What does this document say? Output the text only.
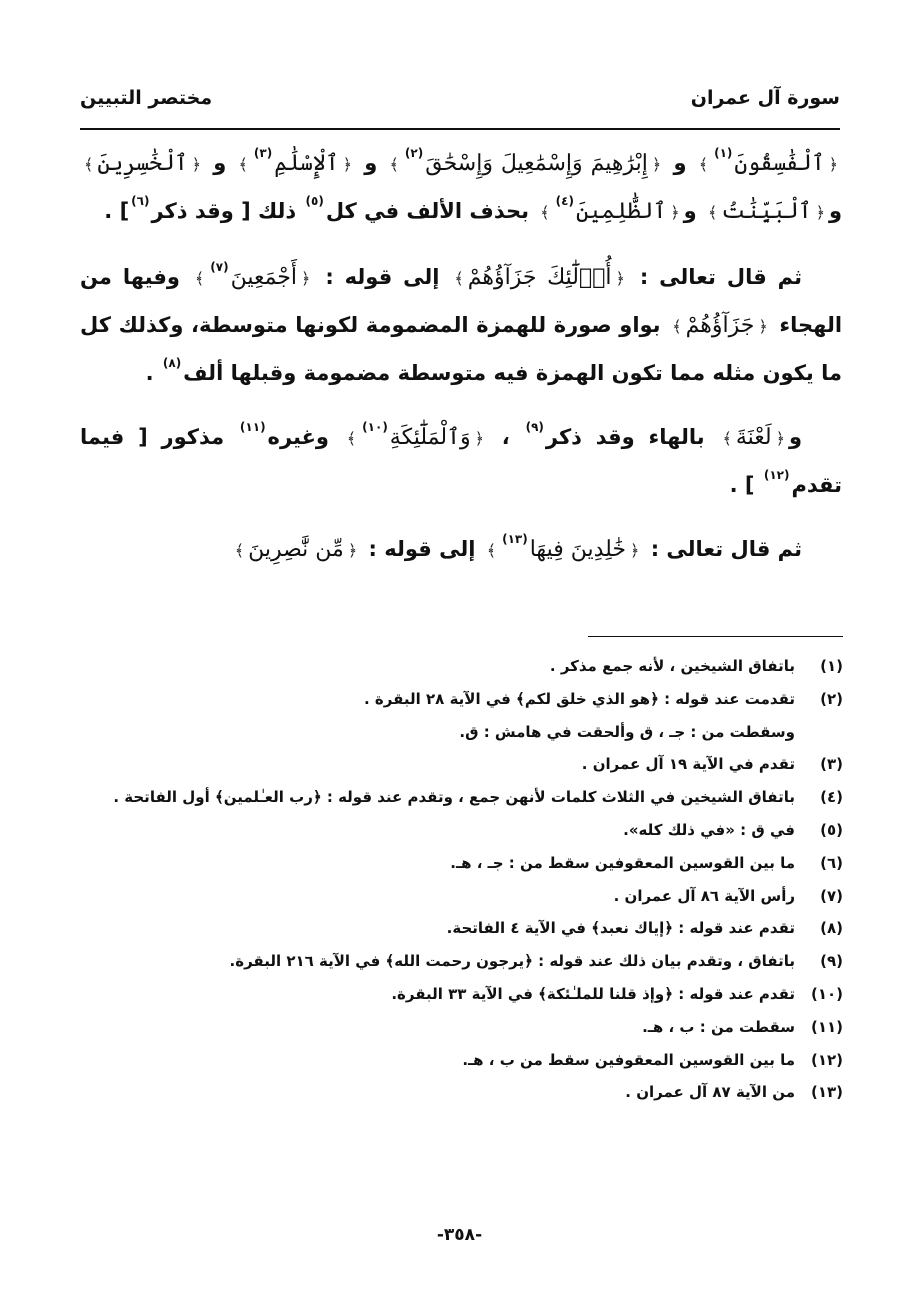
سورة آل عمران
مختصر التبيين

﴿ٱلْفَٰسِقُونَ$^{(١)}$﴾ و ﴿إِبْرَٰهِيمَ وَإِسْمَٰعِيلَ وَإِسْحَٰقَ$^{(٢)}$﴾ و ﴿ٱلْإِسْلَٰمِ$^{(٣)}$﴾ و ﴿ٱلْخَٰسِرِينَ﴾ و﴿ٱلْبَيِّنَٰتُ﴾ و﴿ٱلظَّٰلِمِينَ$^{(٤)}$﴾ بحذف الألف في كل$^{(٥)}$ ذلك [ وقد ذكر$^{(٦)}$] .

ثم قال تعالى : ﴿أُو۟لَٰٓئِكَ جَزَآؤُهُمْ﴾ إلى قوله : ﴿أَجْمَعِينَ$^{(٧)}$﴾ وفيها من الهجاء ﴿جَزَآؤُهُمْ﴾ بواو صورة للهمزة المضمومة لكونها متوسطة، وكذلك كل ما يكون مثله مما تكون الهمزة فيه متوسطة مضمومة وقبلها ألف$^{(٨)}$ .

و﴿لَعْنَةَ﴾ بالهاء وقد ذكر$^{(٩)}$ ، ﴿وَٱلْمَلَٰٓئِكَةِ$^{(١٠)}$﴾ وغيره$^{(١١)}$ مذكور [ فيما تقدم$^{(١٢)}$ ] .

ثم قال تعالى : ﴿خَٰلِدِينَ فِيهَا$^{(١٣)}$﴾ إلى قوله : ﴿مِّن نَّٰصِرِينَ﴾

(١)
باتفاق الشيخين ، لأنه جمع مذكر .
(٢)
تقدمت عند قوله : ﴿هو الذي خلق لكم﴾ في الآية ٢٨ البقرة .
وسقطت من : جـ ، ق وألحقت في هامش : ق.
(٣)
تقدم في الآية ١٩ آل عمران .
(٤)
باتفاق الشيخين في الثلاث كلمات لأنهن جمع ، وتقدم عند قوله : ﴿رب العـٰلمين﴾ أول الفاتحة .
(٥)
في ق : «في ذلك كله».
(٦)
ما بين القوسين المعقوفين سقط من : جـ ، هـ.
(٧)
رأس الآية ٨٦ آل عمران .
(٨)
تقدم عند قوله : ﴿إياك نعبد﴾ في الآية ٤ الفاتحة.
(٩)
باتفاق ، وتقدم بيان ذلك عند قوله : ﴿يرجون رحمت الله﴾ في الآية ٢١٦ البقرة.
(١٠)
تقدم عند قوله : ﴿وإذ قلنا للملـٰئكة﴾ في الآية ٣٣ البقرة.
(١١)
سقطت من : ب ، هـ.
(١٢)
ما بين القوسين المعقوفين سقط من ب ، هـ.
(١٣)
من الآية ٨٧ آل عمران .
-٣٥٨-
